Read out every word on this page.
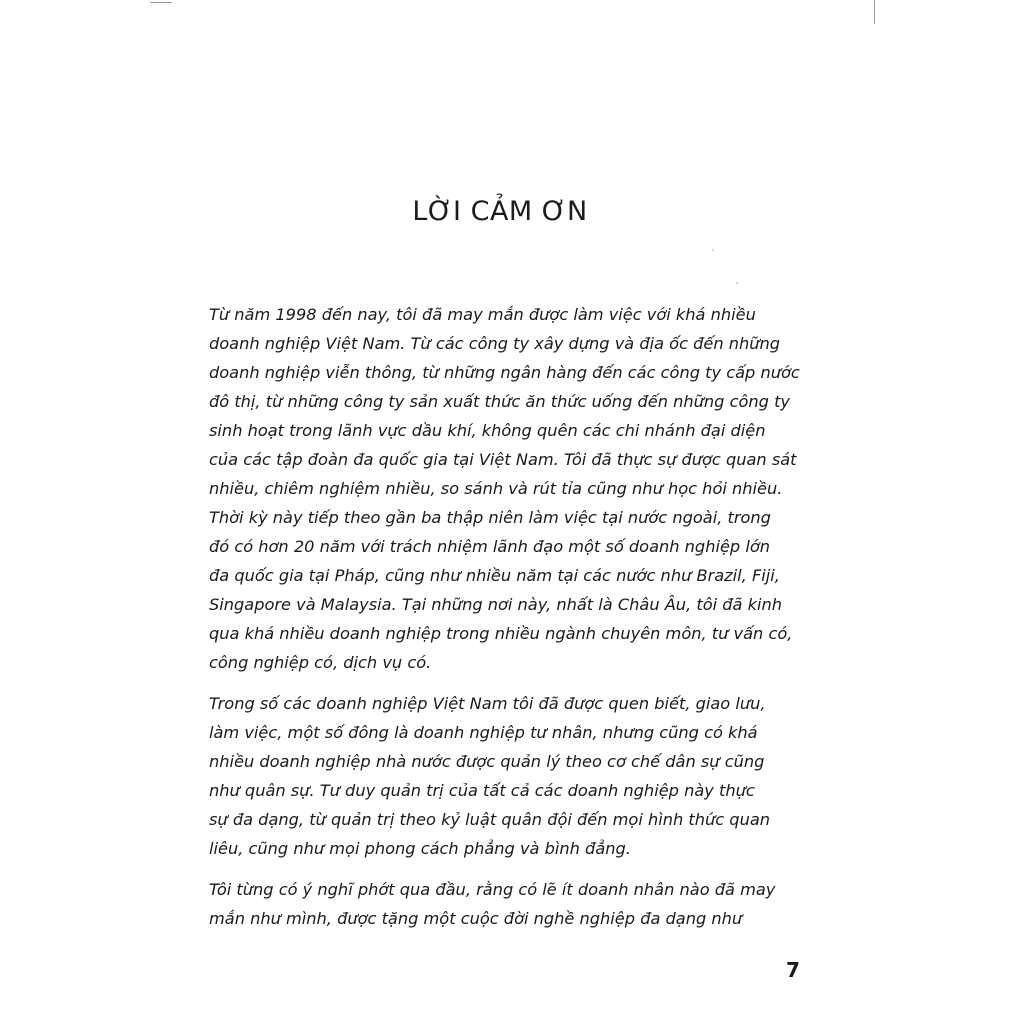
LỜI CẢM ƠN

Từ năm 1998 đến nay, tôi đã may mắn được làm việc với khá nhiều
doanh nghiệp Việt Nam. Từ các công ty xây dựng và địa ốc đến những
doanh nghiệp viễn thông, từ những ngân hàng đến các công ty cấp nước
đô thị, từ những công ty sản xuất thức ăn thức uống đến những công ty
sinh hoạt trong lãnh vực dầu khí, không quên các chi nhánh đại diện
của các tập đoàn đa quốc gia tại Việt Nam. Tôi đã thực sự được quan sát
nhiều, chiêm nghiệm nhiều, so sánh và rút tỉa cũng như học hỏi nhiều.
Thời kỳ này tiếp theo gần ba thập niên làm việc tại nước ngoài, trong
đó có hơn 20 năm với trách nhiệm lãnh đạo một số doanh nghiệp lớn
đa quốc gia tại Pháp, cũng như nhiều năm tại các nước như Brazil, Fiji,
Singapore và Malaysia. Tại những nơi này, nhất là Châu Âu, tôi đã kinh
qua khá nhiều doanh nghiệp trong nhiều ngành chuyên môn, tư vấn có,
công nghiệp có, dịch vụ có.

Trong số các doanh nghiệp Việt Nam tôi đã được quen biết, giao lưu,
làm việc, một số đông là doanh nghiệp tư nhân, nhưng cũng có khá
nhiều doanh nghiệp nhà nước được quản lý theo cơ chế dân sự cũng
như quân sự. Tư duy quản trị của tất cả các doanh nghiệp này thực
sự đa dạng, từ quản trị theo kỷ luật quân đội đến mọi hình thức quan
liêu, cũng như mọi phong cách phẳng và bình đẳng.

Tôi từng có ý nghĩ phớt qua đầu, rằng có lẽ ít doanh nhân nào đã may
mắn như mình, được tặng một cuộc đời nghề nghiệp đa dạng như

7
